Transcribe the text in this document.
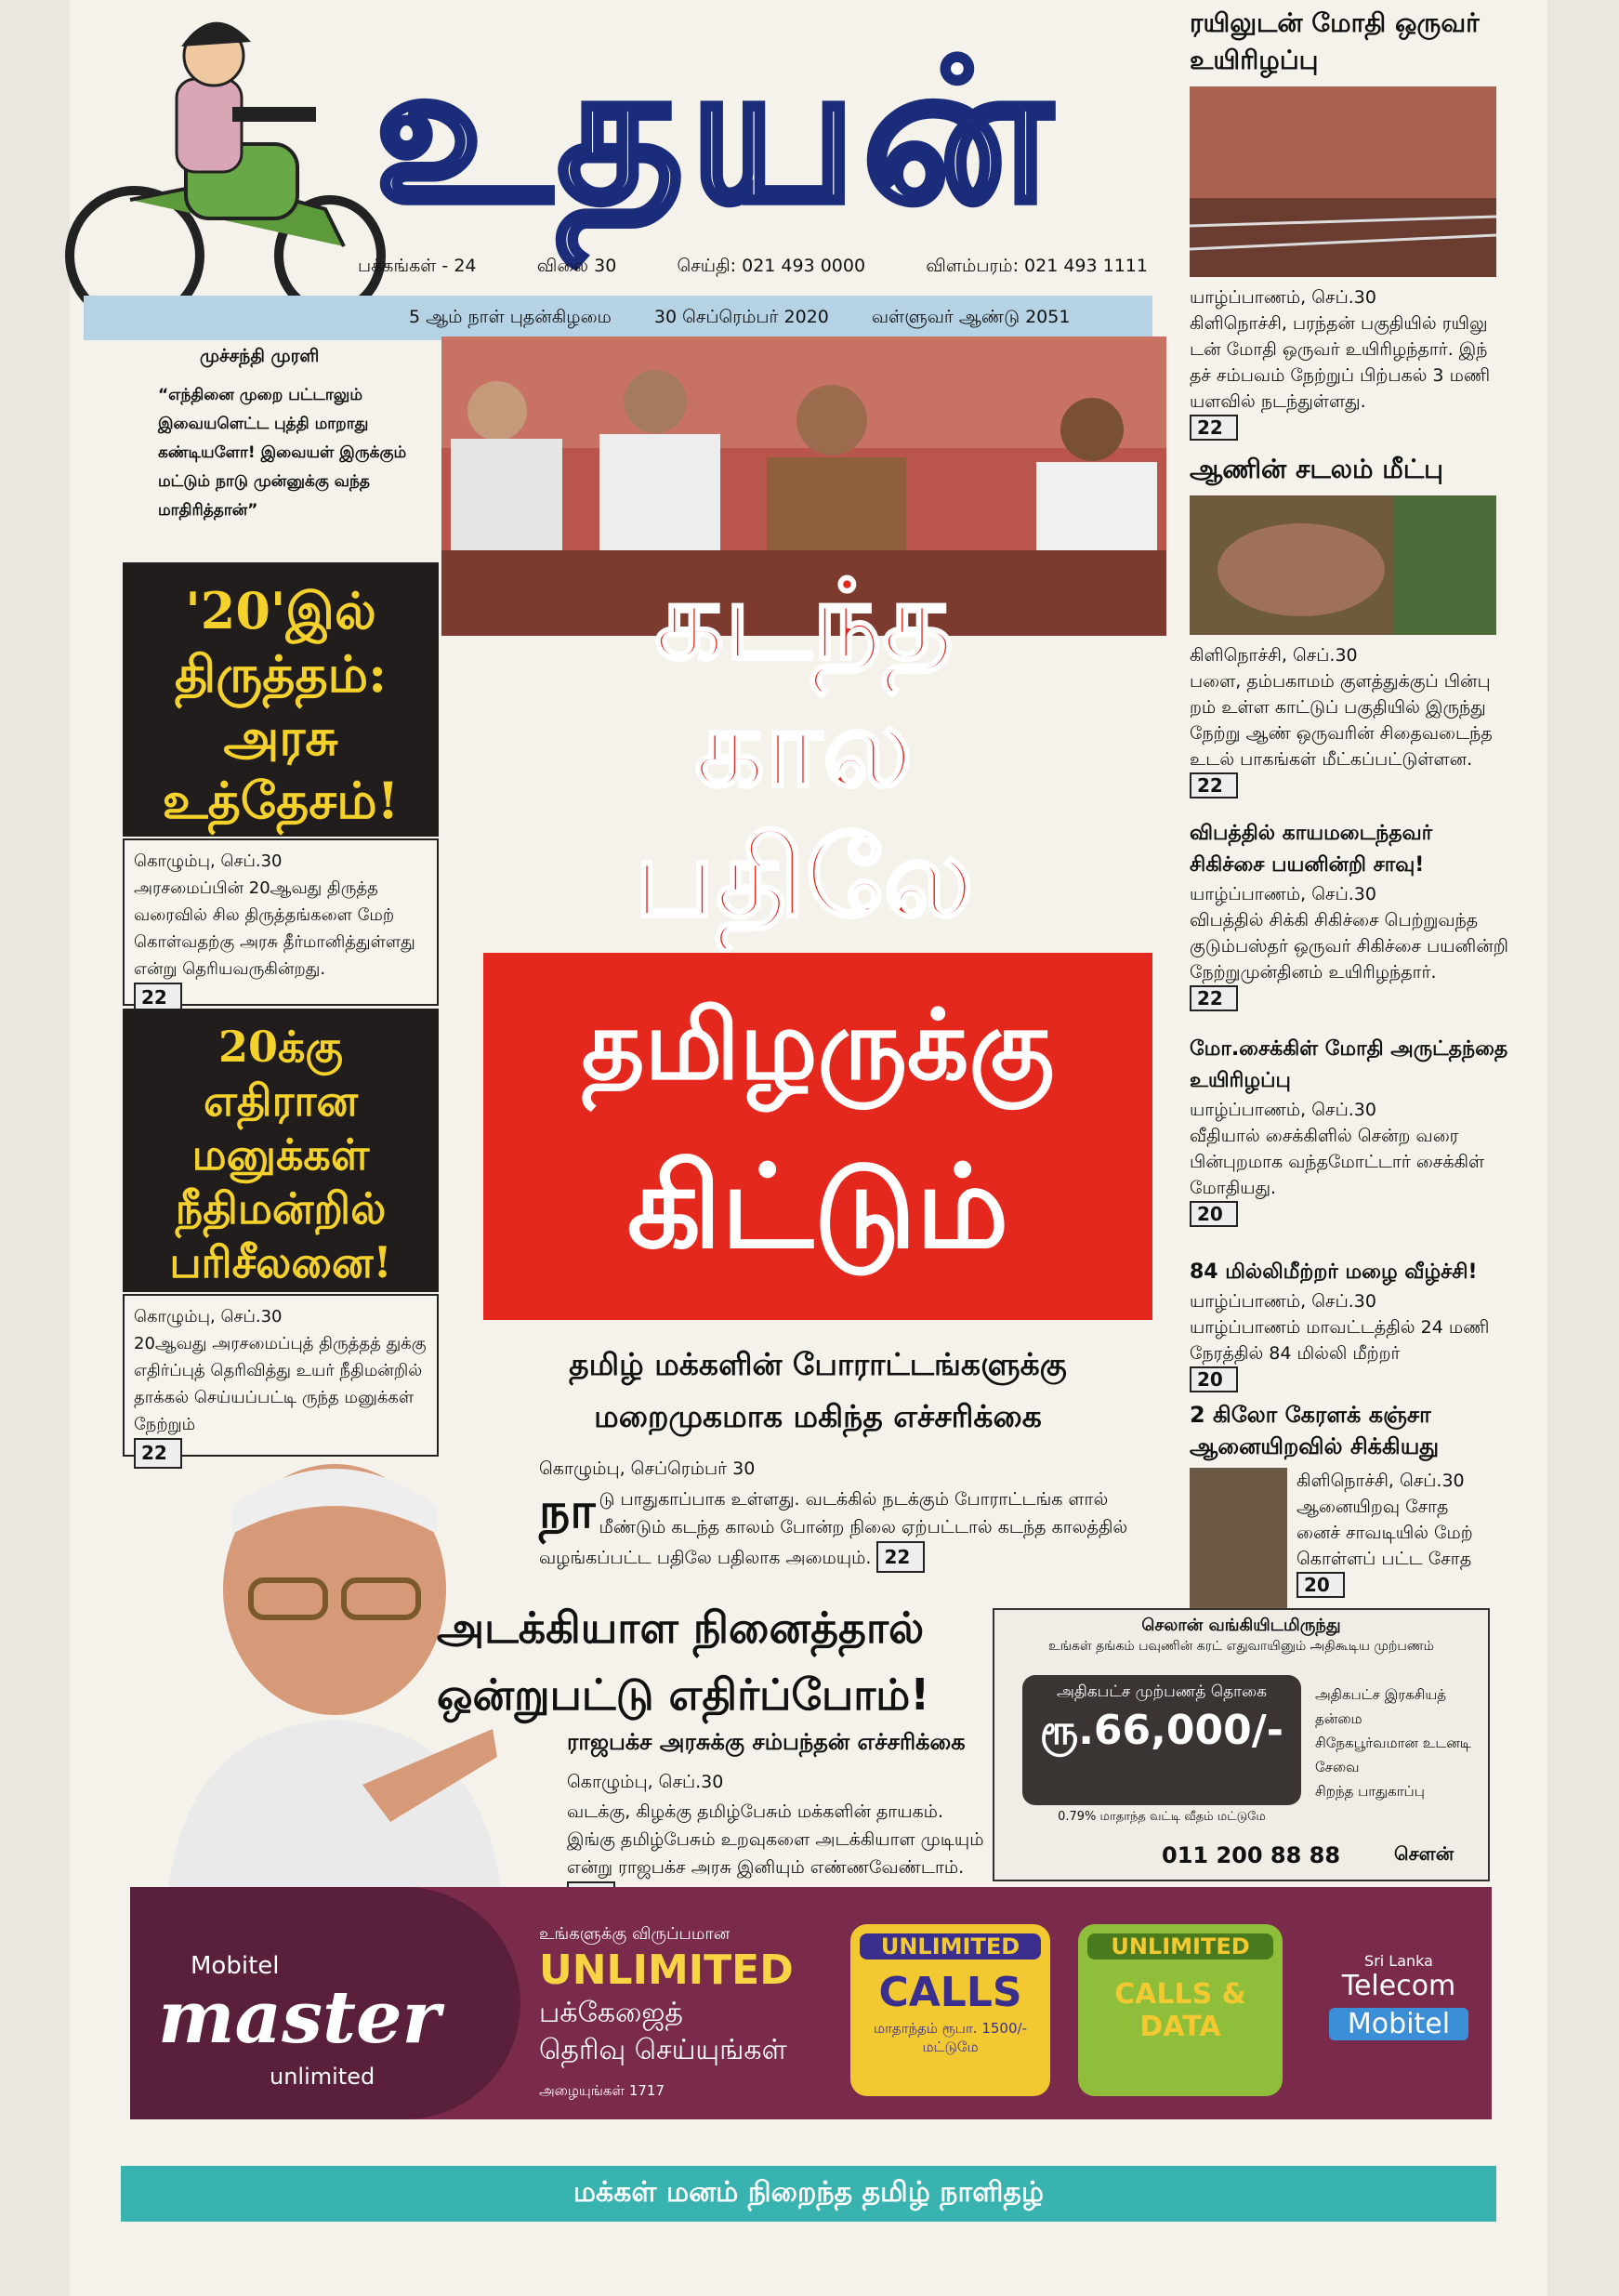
உதயன்
பக்கங்கள் - 24	விலை 30	செய்தி: 021 493 0000	விளம்பரம்: 021 493 1111
5 ஆம் நாள் புதன்கிழமை 30 செப்ரெம்பர் 2020 வள்ளுவர் ஆண்டு 2051
முச்சந்தி முரளி
“எந்தினை முறை பட்டாலும் இவையளெட்ட புத்தி மாறாது கண்டியளோ! இவையள் இருக்கும் மட்டும் நாடு முன்னுக்கு வந்த மாதிரித்தான்”
கடந்த
கால
பதிலே
தமிழருக்கு
கிட்டும்
தமிழ் மக்களின் போராட்டங்களுக்கு
மறைமுகமாக மகிந்த எச்சரிக்கை
கொழும்பு, செப்ரெம்பர் 30
நா டு பாதுகாப்பாக உள்ளது. வடக்கில் நடக்கும் போராட்டங்க ளால் மீண்டும் கடந்த காலம் போன்ற நிலை ஏற்பட்டால் கடந்த காலத்தில் வழங்கப்பட்ட பதிலே பதிலாக அமையும். 22
'20'இல் திருத்தம்: அரசு உத்தேசம்!
கொழும்பு, செப்.30
அரசமைப்பின் 20ஆவது திருத்த வரைவில் சில திருத்தங்களை மேற் கொள்வதற்கு அரசு தீர்மானித்துள்ளது என்று தெரியவருகின்றது.
22
20க்கு எதிரான மனுக்கள் நீதிமன்றில் பரிசீலனை!
கொழும்பு, செப்.30
20ஆவது அரசமைப்புத் திருத்தத் துக்கு எதிர்ப்புத் தெரிவித்து உயர் நீதிமன்றில் தாக்கல் செய்யப்பட்டி ருந்த மனுக்கள் நேற்றும்
22
அடக்கியாள நினைத்தால்
ஒன்றுபட்டு எதிர்ப்போம்!
ராஜபக்ச அரசுக்கு சம்பந்தன் எச்சரிக்கை
கொழும்பு, செப்.30
வடக்கு, கிழக்கு தமிழ்பேசும் மக்களின் தாயகம். இங்கு தமிழ்பேசும் உறவுகளை அடக்கியாள முடியும் என்று ராஜபக்ச அரசு இனியும் எண்ணவேண்டாம்.
ரயிலுடன் மோதி ஒருவர் உயிரிழப்பு
யாழ்ப்பாணம், செப்.30
கிளிநொச்சி, பரந்தன் பகுதியில் ரயிலு டன் மோதி ஒருவர் உயிரிழந்தார். இந் தச் சம்பவம் நேற்றுப் பிற்பகல் 3 மணி யளவில் நடந்துள்ளது.
22
ஆணின் சடலம் மீட்பு
கிளிநொச்சி, செப்.30
பளை, தம்பகாமம் குளத்துக்குப் பின்பு றம் உள்ள காட்டுப் பகுதியில் இருந்து நேற்று ஆண் ஒருவரின் சிதைவடைந்த உடல் பாகங்கள் மீட்கப்பட்டுள்ளன.
22
விபத்தில் காயமடைந்தவர் சிகிச்சை பயனின்றி சாவு!
யாழ்ப்பாணம், செப்.30
விபத்தில் சிக்கி சிகிச்சை பெற்றுவந்த குடும்பஸ்தர் ஒருவர் சிகிச்சை பயனின்றி நேற்றுமுன்தினம் உயிரிழந்தார்.
22
மோ.சைக்கிள் மோதி அருட்தந்தை உயிரிழப்பு
யாழ்ப்பாணம், செப்.30
வீதியால் சைக்கிளில் சென்ற வரை பின்புறமாக வந்தமோட்டார் சைக்கிள் மோதியது.
20
84 மில்லிமீற்றர் மழை வீழ்ச்சி!
யாழ்ப்பாணம், செப்.30
யாழ்ப்பாணம் மாவட்டத்தில் 24 மணி நேரத்தில் 84 மில்லி மீற்றர்
20
2 கிலோ கேரளக் கஞ்சா ஆனையிறவில் சிக்கியது
கிளிநொச்சி, செப்.30
ஆனையிறவு சோத னைச் சாவடியில் மேற் கொள்ளப் பட்ட சோத
20
செலான் வங்கியிடமிருந்து
உங்கள் தங்கம் பவுணின் கரட் எதுவாயினும் அதிகூடிய முற்பணம்
அதிகபட்ச முற்பணத் தொகை
ரூ.66,000/-
0.79% மாதாந்த வட்டி வீதம் மட்டுமே
அதிகபட்ச இரகசியத் தன்மை
சிநேகபூர்வமான உடனடி சேவை
சிறந்த பாதுகாப்பு
011 200 88 88	சௌன்
Mobitel
master
unlimited
உங்களுக்கு விருப்பமான
UNLIMITED
பக்கேஜைத்
தெரிவு செய்யுங்கள்
அழையுங்கள் 1717
UNLIMITED
CALLS
மாதாந்தம் ரூபா. 1500/- மட்டுமே
UNLIMITED
CALLS & DATA
Sri Lanka
Telecom
Mobitel
மக்கள் மனம் நிறைந்த தமிழ் நாளிதழ்
